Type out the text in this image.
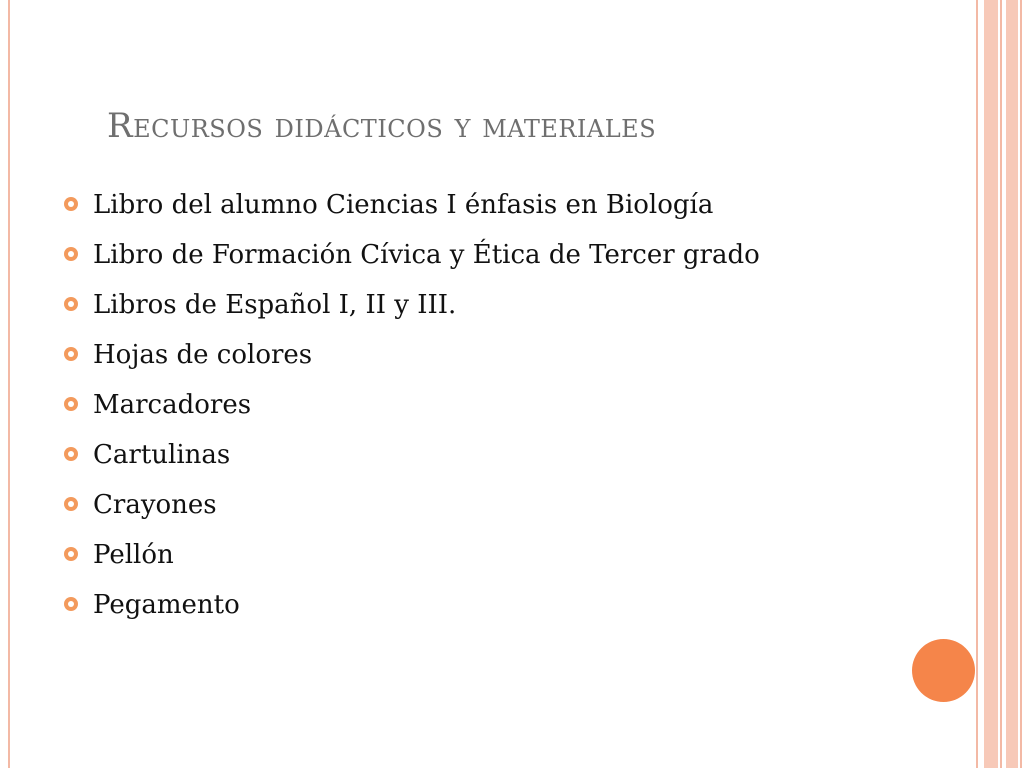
Recursos didácticos y materiales
Libro del alumno Ciencias I énfasis en Biología
Libro de Formación Cívica y Ética de Tercer grado
Libros de Español I, II y III.
Hojas de colores
Marcadores
Cartulinas
Crayones
Pellón
Pegamento
